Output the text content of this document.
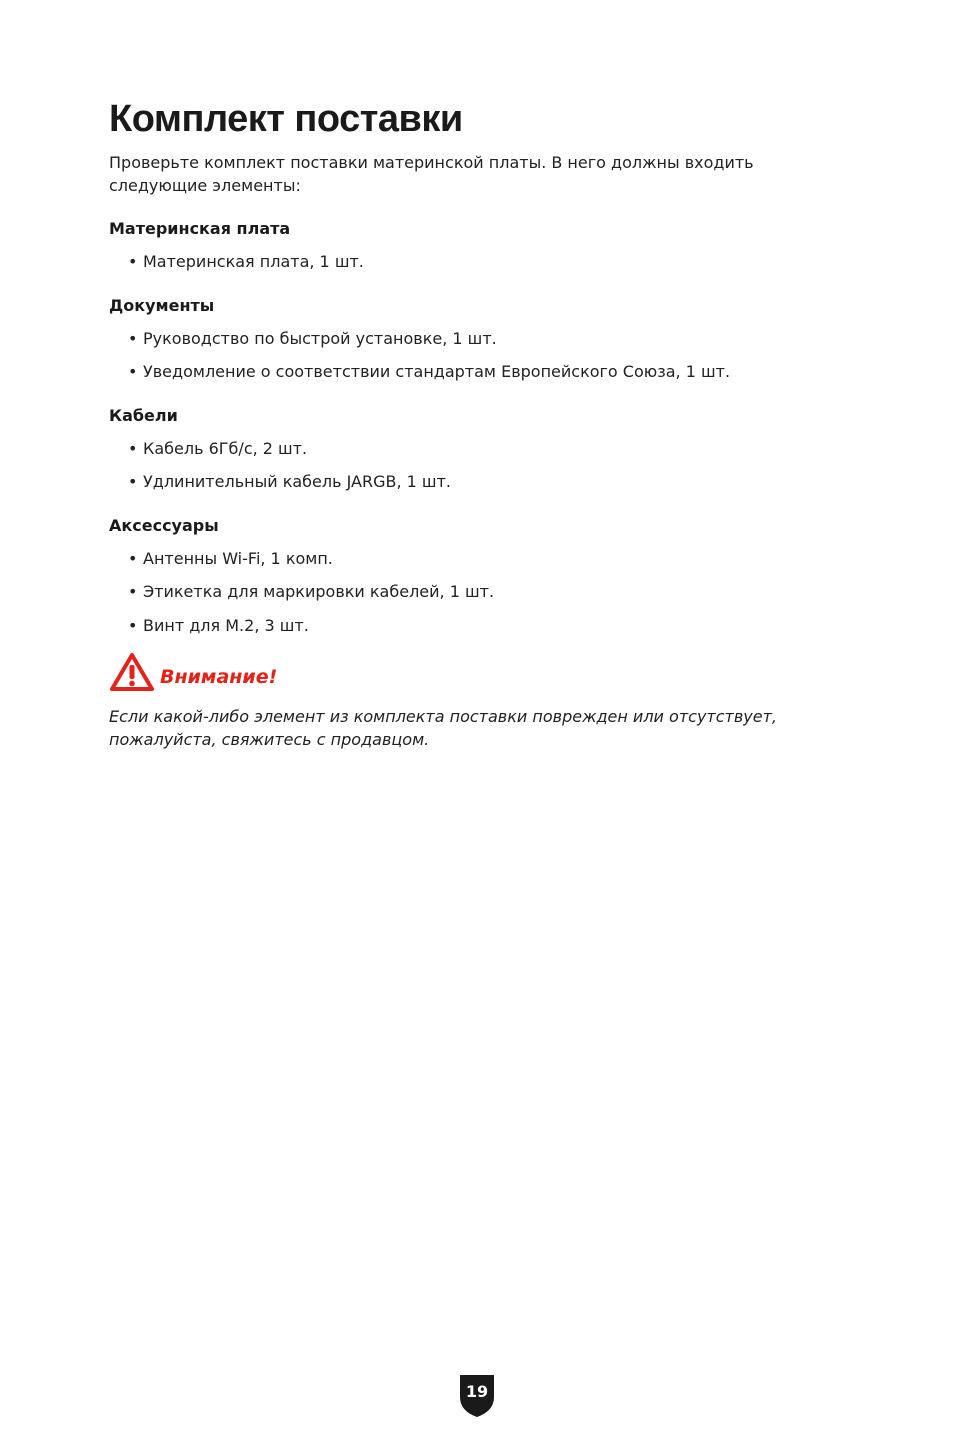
Комплект поставки

Проверьте комплект поставки материнской платы. В него должны входить следующие элементы:

Материнская плата
• Материнская плата, 1 шт.
Документы
• Руководство по быстрой установке, 1 шт.
• Уведомление о соответствии стандартам Европейского Союза, 1 шт.
Кабели
• Кабель 6Гб/с, 2 шт.
• Удлинительный кабель JARGB, 1 шт.
Аксессуары
• Антенны Wi-Fi, 1 комп.
• Этикетка для маркировки кабелей, 1 шт.
• Винт для M.2, 3 шт.
Внимание!

Если какой-либо элемент из комплекта поставки поврежден или отсутствует, пожалуйста, свяжитесь с продавцом.

19
